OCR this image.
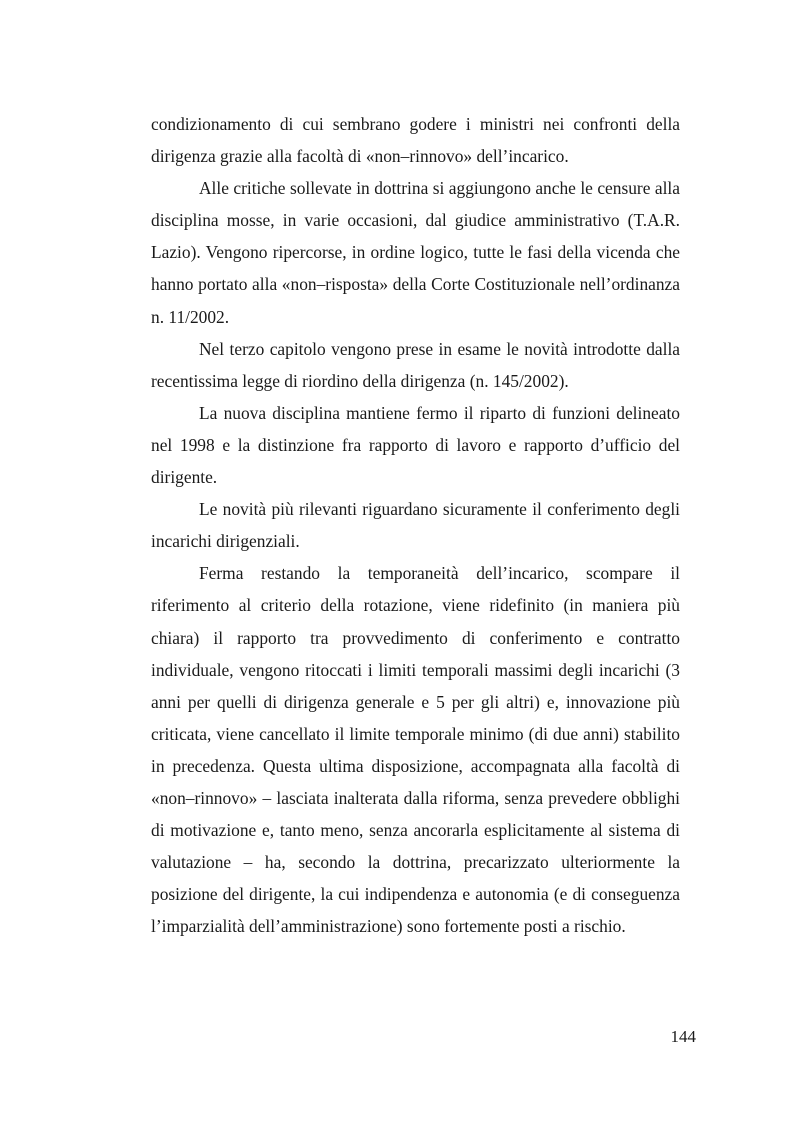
condizionamento di cui sembrano godere i ministri nei confronti della dirigenza grazie alla facoltà di «non–rinnovo» dell’incarico.

Alle critiche sollevate in dottrina si aggiungono anche le censure alla disciplina mosse, in varie occasioni, dal giudice amministrativo (T.A.R. Lazio). Vengono ripercorse, in ordine logico, tutte le fasi della vicenda che hanno portato alla «non–risposta» della Corte Costituzionale nell’ordinanza n. 11/2002.

Nel terzo capitolo vengono prese in esame le novità introdotte dalla recentissima legge di riordino della dirigenza (n. 145/2002).

La nuova disciplina mantiene fermo il riparto di funzioni delineato nel 1998 e la distinzione fra rapporto di lavoro e rapporto d’ufficio del dirigente.

Le novità più rilevanti riguardano sicuramente il conferimento degli incarichi dirigenziali.

Ferma restando la temporaneità dell’incarico, scompare il riferimento al criterio della rotazione, viene ridefinito (in maniera più chiara) il rapporto tra provvedimento di conferimento e contratto individuale, vengono ritoccati i limiti temporali massimi degli incarichi (3 anni per quelli di dirigenza generale e 5 per gli altri) e, innovazione più criticata, viene cancellato il limite temporale minimo (di due anni) stabilito in precedenza. Questa ultima disposizione, accompagnata alla facoltà di «non–rinnovo» – lasciata inalterata dalla riforma, senza prevedere obblighi di motivazione e, tanto meno, senza ancorarla esplicitamente al sistema di valutazione – ha, secondo la dottrina, precarizzato ulteriormente la posizione del dirigente, la cui indipendenza e autonomia (e di conseguenza l’imparzialità dell’amministrazione) sono fortemente posti a rischio.

144
